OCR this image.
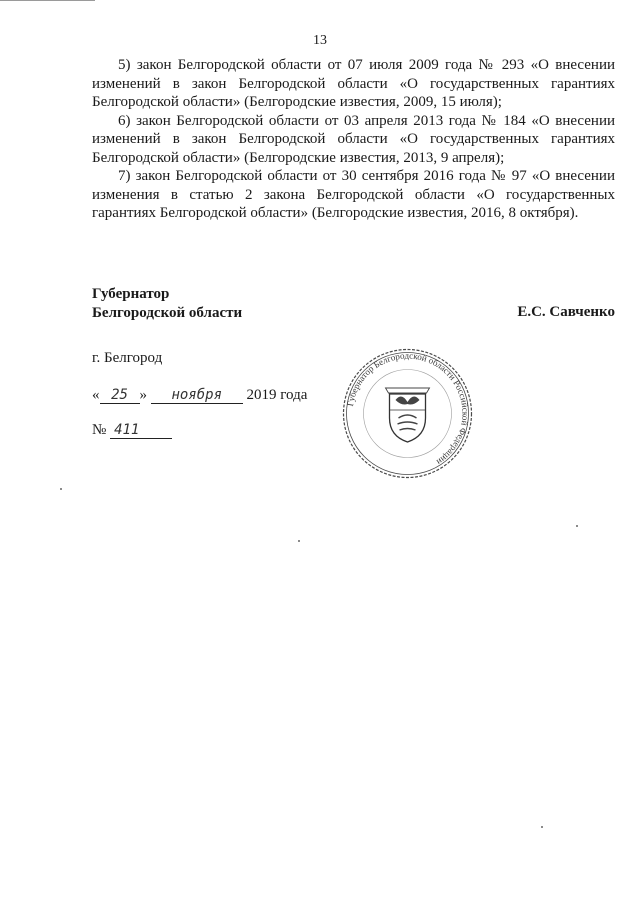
13

5) закон Белгородской области от 07 июля 2009 года № 293 «О внесении изменений в закон Белгородской области «О государственных гарантиях Белгородской области» (Белгородские известия, 2009, 15 июля);

6) закон Белгородской области от 03 апреля 2013 года № 184 «О внесении изменений в закон Белгородской области «О государственных гарантиях Белгородской области» (Белгородские известия, 2013, 9 апреля);

7) закон Белгородской области от 30 сентября 2016 года № 97 «О внесении изменения в статью 2 закона Белгородской области «О государственных гарантиях Белгородской области» (Белгородские известия, 2016, 8 октября).

Губернатор
Белгородской области	Е.С. Савченко
г. Белгород
« 25 » ноября 2019 года
№ 411
Губернатор Белгородской области Российской Федерации
